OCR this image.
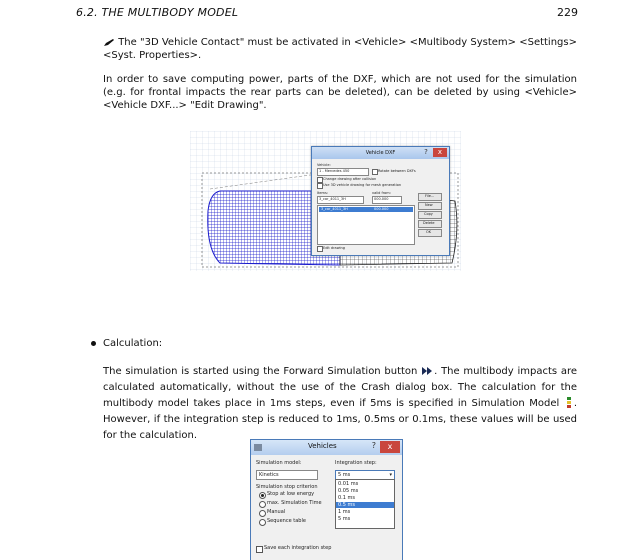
6.2. THE MULTIBODY MODEL	229
The "3D Vehicle Contact" must be activated in <Vehicle> <Multibody System> <Settings> <Syst. Properties>.
In order to save computing power, parts of the DXF, which are not used for the simulation (e.g. for frontal impacts the rear parts can be deleted), can be deleted by using <Vehicle> <Vehicle DXF...> "Edit Drawing".
Vehicle DXF	?	x
Vehicle:
1 - Mercedes 450	Rotate between DXFs
Change drawing after collision
Use 3D vehicle drawing for mesh generation
Items:	valid from:
3_car_4011_3H	000.000
3_car_4011_3H	000.000
File...
New
Copy
Delete
OK
Edit drawing
Calculation:
The simulation is started using the Forward Simulation button . The multibody impacts are calculated automatically, without the use of the Crash dialog box. The calculation for the multibody model takes place in 1ms steps, even if 5ms is specified in Simulation Model . However, if the integration step is reduced to 1ms, 0.5ms or 0.1ms, these values will be used for the calculation.
Vehicles	?	x
Simulation model:
Kinetics
Simulation stop criterion
Stop at low energy
max. Simulation Time
Manual
Sequence table
Integration step:
5 ms	▾
0.01 ms
0.05 ms
0.1 ms
0.5 ms
1 ms
5 ms
Save each integration step
